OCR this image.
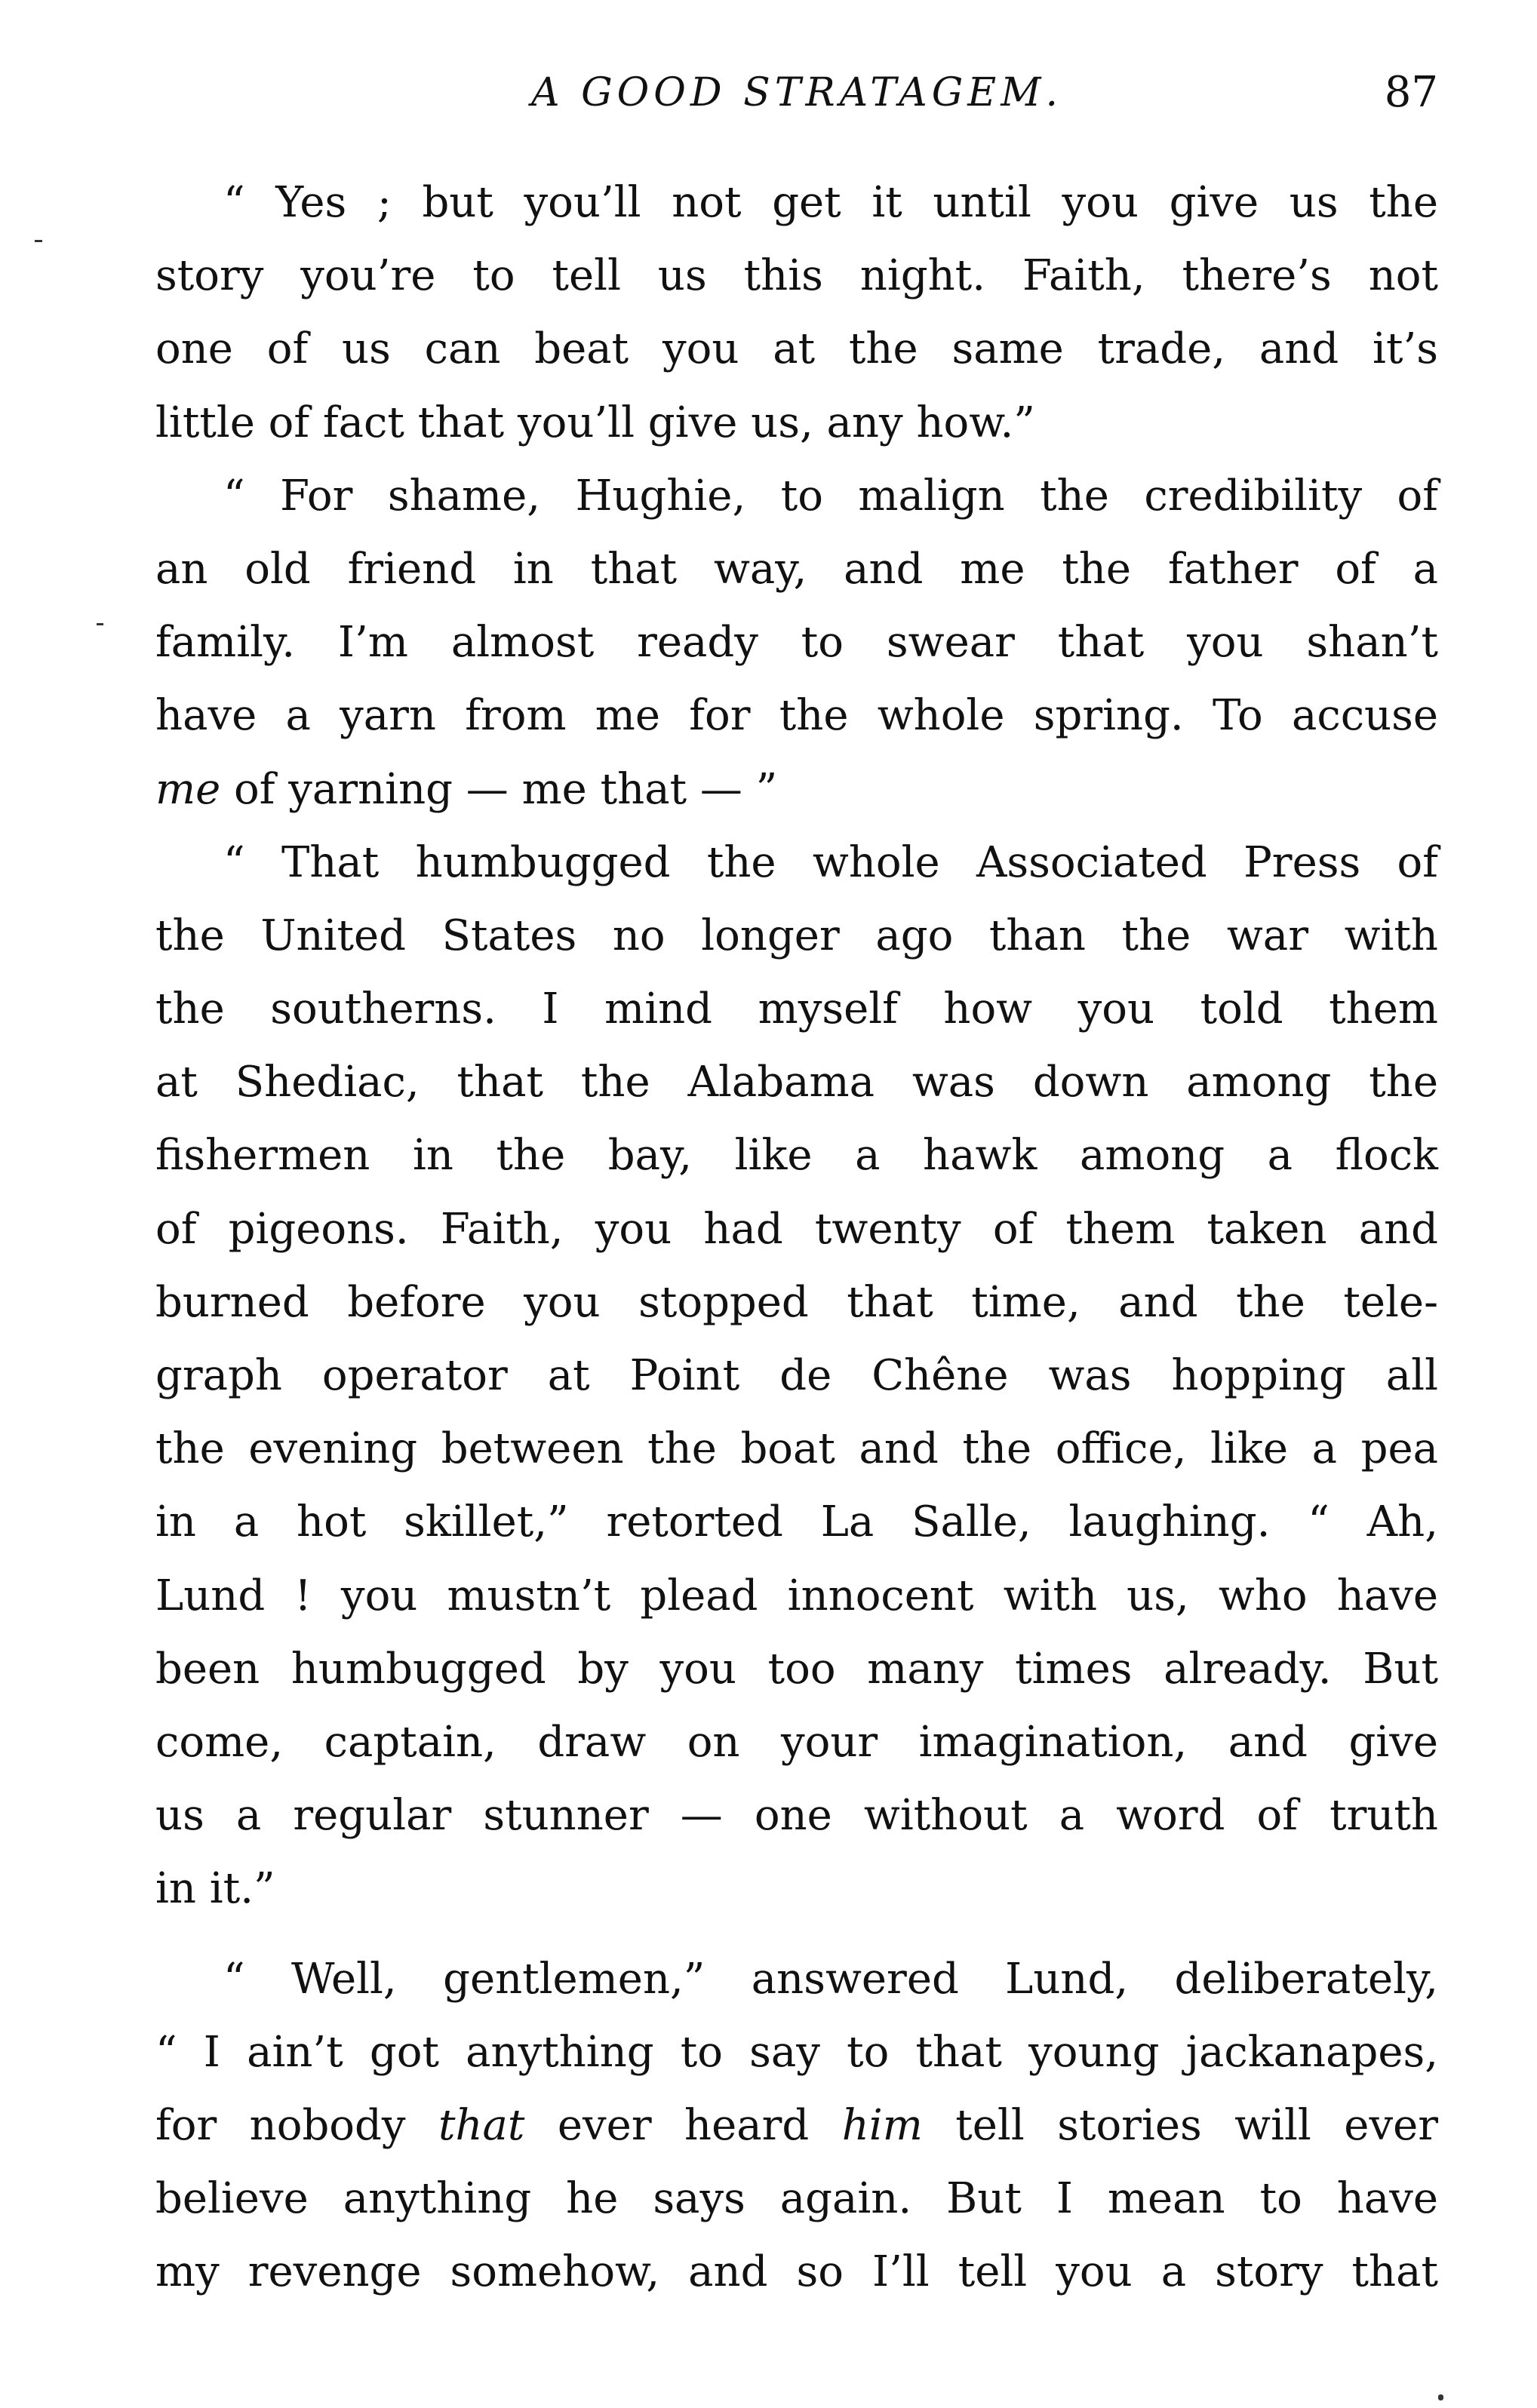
A GOOD STRATAGEM.	87
“ Yes ; but you’ll not get it until you give us the
story you’re to tell us this night. Faith, there’s not
one of us can beat you at the same trade, and it’s
little of fact that you’ll give us, any how.”
“ For shame, Hughie, to malign the credibility of
an old friend in that way, and me the father of a
family. I’m almost ready to swear that you shan’t
have a yarn from me for the whole spring. To accuse
me of yarning — me that — ”
“ That humbugged the whole Associated Press of
the United States no longer ago than the war with
the southerns. I mind myself how you told them
at Shediac, that the Alabama was down among the
fishermen in the bay, like a hawk among a flock
of pigeons. Faith, you had twenty of them taken and
burned before you stopped that time, and the tele-
graph operator at Point de Chêne was hopping all
the evening between the boat and the office, like a pea
in a hot skillet,” retorted La Salle, laughing. “ Ah,
Lund ! you mustn’t plead innocent with us, who have
been humbugged by you too many times already. But
come, captain, draw on your imagination, and give
us a regular stunner — one without a word of truth
in it.”
“ Well, gentlemen,” answered Lund, deliberately,
“ I ain’t got anything to say to that young jackanapes,
for nobody that ever heard him tell stories will ever
believe anything he says again. But I mean to have
my revenge somehow, and so I’ll tell you a story that
